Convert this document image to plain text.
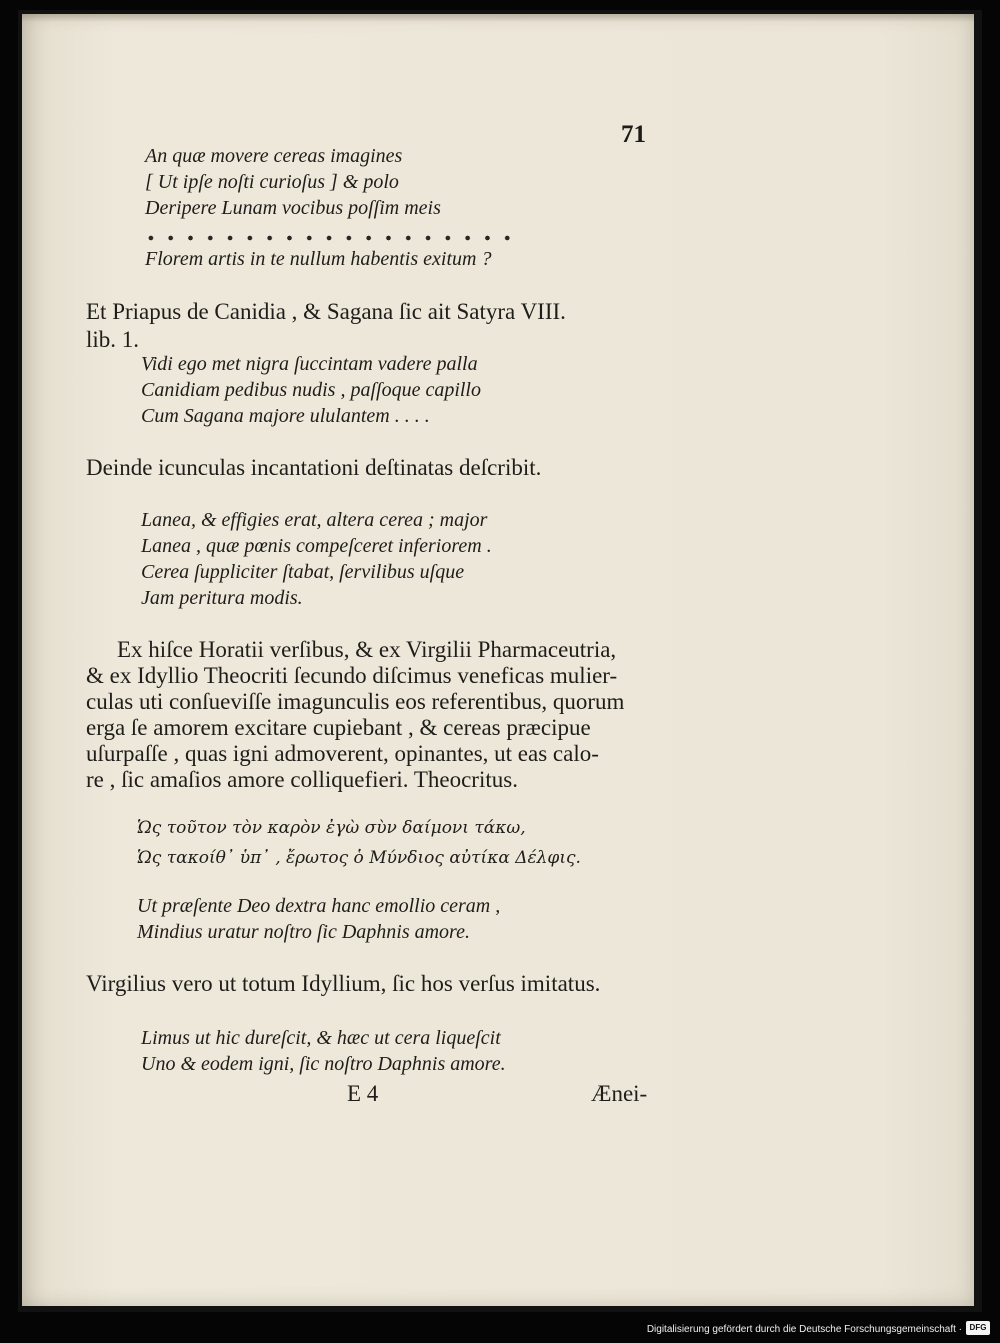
71
An quæ movere cereas imagines
[ Ut ipſe noſti curioſus ] & polo
Deripere Lunam vocibus poſſim meis
Florem artis in te nullum habentis exitum ?
Et Priapus de Canidia , & Sagana ſic ait Satyra VIII.
lib. 1.
Vidi ego met nigra ſuccintam vadere palla
Canidiam pedibus nudis , paſſoque capillo
Cum Sagana majore ululantem . . . .
Deinde icunculas incantationi deſtinatas deſcribit.
Lanea, & effigies erat, altera cerea ; major
Lanea , quæ pœnis compeſceret inferiorem .
Cerea ſuppliciter ſtabat, ſervilibus uſque
Jam peritura modis.
Ex hiſce Horatii verſibus, & ex Virgilii Pharmaceutria,
& ex Idyllio Theocriti ſecundo diſcimus veneficas mulier-
culas uti conſueviſſe imagunculis eos referentibus, quorum
erga ſe amorem excitare cupiebant , & cereas præcipue
uſurpaſſe , quas igni admoverent, opinantes, ut eas calo-
re , ſic amaſios amore colliquefieri. Theocritus.
Ὡς τοῦτον τὸν καρὸν ἐγὼ σὺν δαίμονι τάκω,
Ὡς τακοίθ᾽ ὑπ᾽ , ἔρωτος ὁ Μύνδιος αὐτίκα Δέλφις.
Ut præſente Deo dextra hanc emollio ceram ,
Mindius uratur noſtro ſic Daphnis amore.
Virgilius vero ut totum Idyllium, ſic hos verſus imitatus.
Limus ut hic dureſcit, & hæc ut cera liqueſcit
Uno & eodem igni, ſic noſtro Daphnis amore.
E 4	Ænei-
Digitalisierung gefördert durch die Deutsche Forschungsgemeinschaft · DFG
